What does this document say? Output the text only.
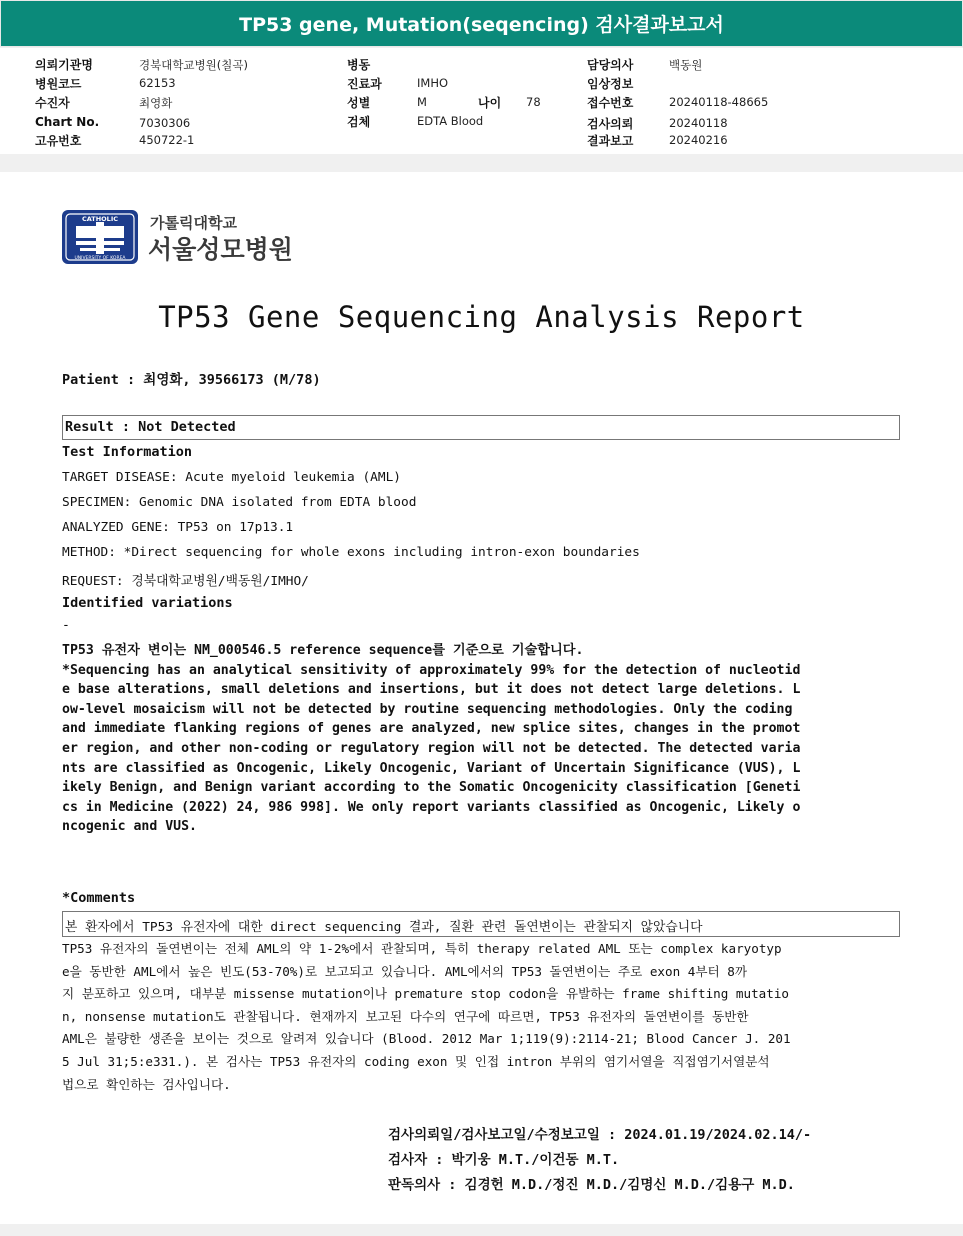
TP53 gene, Mutation(seqencing) 검사결과보고서
의뢰기관명	경북대학교병원(칠곡)
병원코드	62153
수진자	최영화
Chart No.	7030306
고유번호	450722-1
병동
진료과	IMHO
성별	M	나이 78
검체	EDTA Blood
담당의사	백동원
임상정보
접수번호	20240118-48665
검사의뢰	20240118
결과보고	20240216
CATHOLIC
UNIVERSITY OF KOREA
가톨릭대학교
서울성모병원
TP53 Gene Sequencing Analysis Report
Patient : 최영화, 39566173 (M/78)
Result : Not Detected
Test Information
TARGET DISEASE: Acute myeloid leukemia (AML)
SPECIMEN: Genomic DNA isolated from EDTA blood
ANALYZED GENE: TP53 on 17p13.1
METHOD: *Direct sequencing for whole exons including intron-exon boundaries
REQUEST: 경북대학교병원/백동원/IMHO/
Identified variations
-
TP53 유전자 변이는 NM_000546.5 reference sequence를 기준으로 기술합니다.
*Sequencing has an analytical sensitivity of approximately 99% for the detection of nucleotid
e base alterations, small deletions and insertions, but it does not detect large deletions. L
ow-level mosaicism will not be detected by routine sequencing methodologies. Only the coding
and immediate flanking regions of genes are analyzed, new splice sites, changes in the promot
er region, and other non-coding or regulatory region will not be detected. The detected varia
nts are classified as Oncogenic, Likely Oncogenic, Variant of Uncertain Significance (VUS), L
ikely Benign, and Benign variant according to the Somatic Oncogenicity classification [Geneti
cs in Medicine (2022) 24, 986 998]. We only report variants classified as Oncogenic, Likely o
ncogenic and VUS.
*Comments
본 환자에서 TP53 유전자에 대한 direct sequencing 결과, 질환 관련 돌연변이는 관찰되지 않았습니다
TP53 유전자의 돌연변이는 전체 AML의 약 1-2%에서 관찰되며, 특히 therapy related AML 또는 complex karyotyp
e을 동반한 AML에서 높은 빈도(53-70%)로 보고되고 있습니다. AML에서의 TP53 돌연변이는 주로 exon 4부터 8까
지 분포하고 있으며, 대부분 missense mutation이나 premature stop codon을 유발하는 frame shifting mutatio
n, nonsense mutation도 관찰됩니다. 현재까지 보고된 다수의 연구에 따르면, TP53 유전자의 돌연변이를 동반한
AML은 불량한 생존을 보이는 것으로 알려져 있습니다 (Blood. 2012 Mar 1;119(9):2114-21; Blood Cancer J. 201
5 Jul 31;5:e331.). 본 검사는 TP53 유전자의 coding exon 및 인접 intron 부위의 염기서열을 직접염기서열분석
법으로 확인하는 검사입니다.
검사의뢰일/검사보고일/수정보고일 : 2024.01.19/2024.02.14/-
검사자 : 박기웅 M.T./이건동 M.T.
판독의사 : 김경헌 M.D./정진 M.D./김명신 M.D./김용구 M.D.
